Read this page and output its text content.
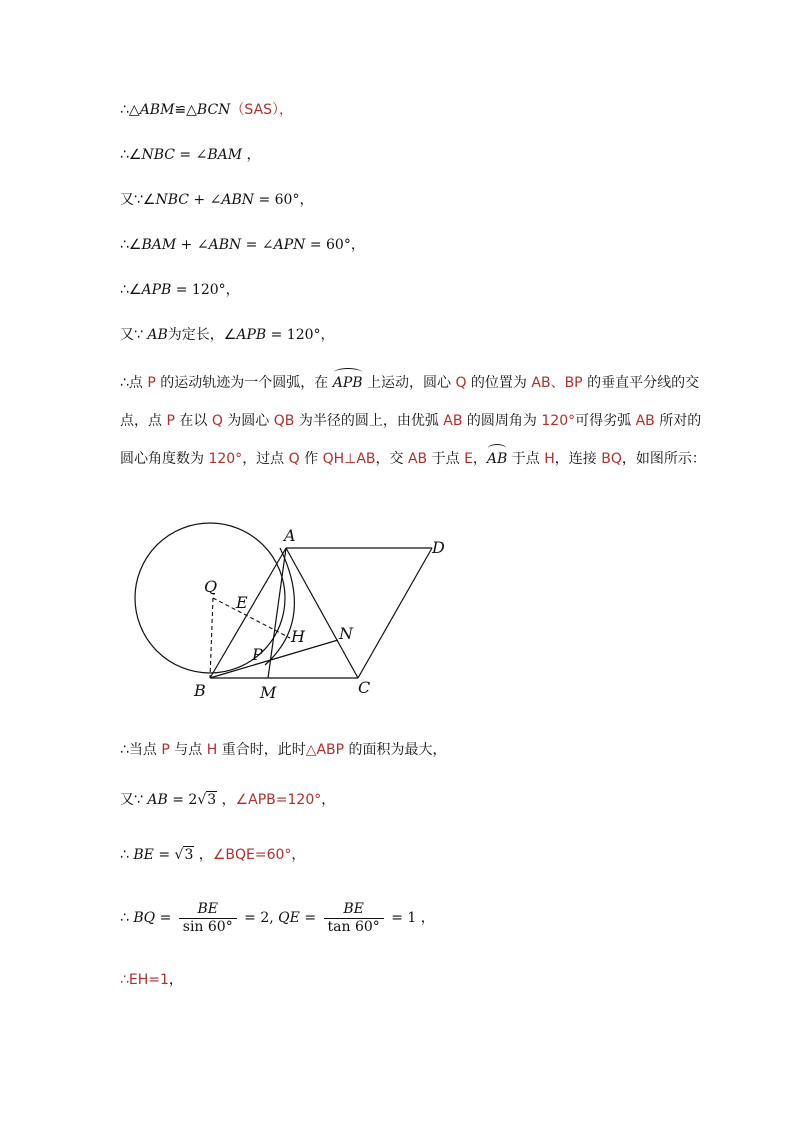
∴△ABM≌△BCN（SAS），
∴∠NBC = ∠BAM ，
又∵∠NBC + ∠ABN = 60°，
∴∠BAM + ∠ABN = ∠APN = 60°，
∴∠APB = 120°，
又∵ AB为定长，∠APB = 120°，
∴点 P 的运动轨迹为一个圆弧，在 APB 上运动，圆心 Q 的位置为 AB、BP 的垂直平分线的交
点，点 P 在以 Q 为圆心 QB 为半径的圆上，由优弧 AB 的圆周角为 120°可得劣弧 AB 所对的
圆心角度数为 120°，过点 Q 作 QH⊥AB，交 AB 于点 E，AB 于点 H，连接 BQ，如图所示：
A
D
Q
E
H N
P
B	M	C
∴当点 P 与点 H 重合时，此时△ABP 的面积为最大，
又∵ AB = 2√3 ，∠APB=120°，
∴ BE = √3 ，∠BQE=60°，
∴ BQ = $\frac{BE}{\sin 60^\circ} = 2$, QE = $\frac{BE}{\tan 60^\circ} = 1$ ，
∴EH=1，
